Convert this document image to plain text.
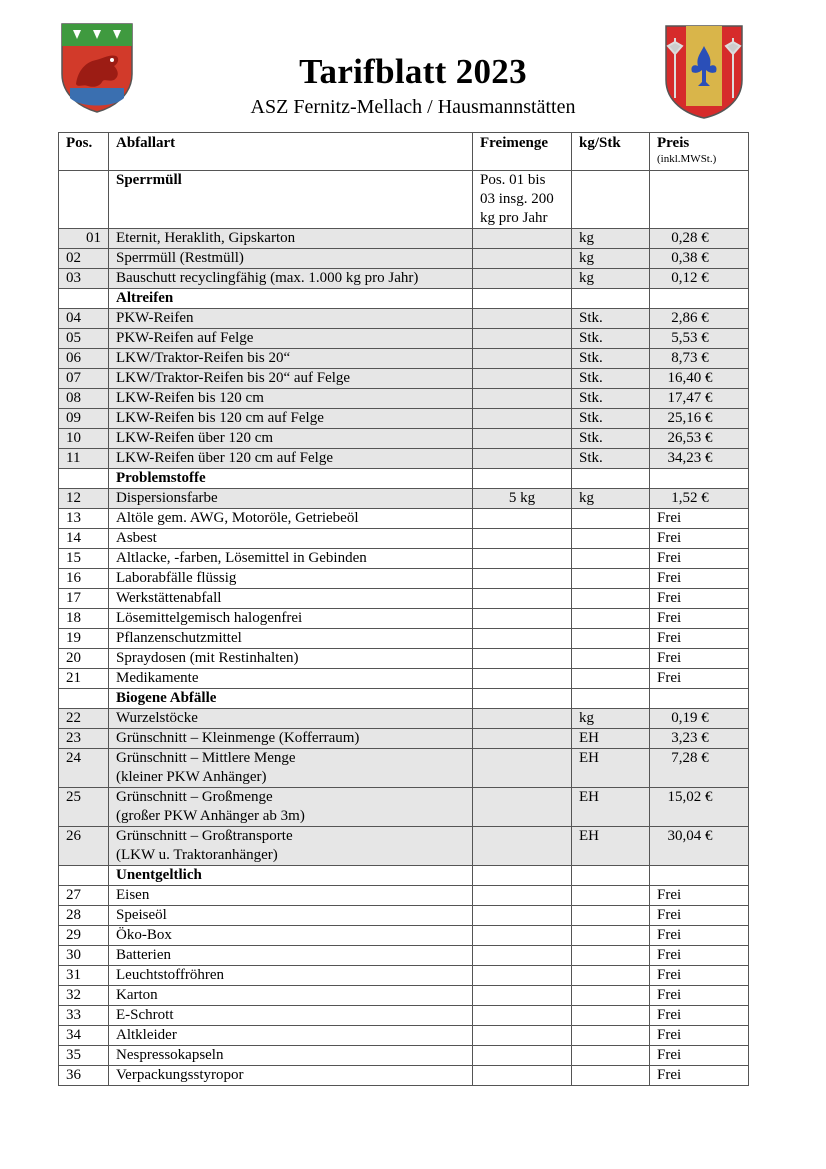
Tarifblatt 2023
ASZ Fernitz-Mellach / Hausmannstätten
Pos.	Abfallart	Freimenge	kg/Stk	Preis
(inkl.MWSt.)

	Sperrmüll	Pos. 01 bis
03 insg. 200
kg pro Jahr		

01	Eternit, Heraklith, Gipskarton		kg	0,28 €
02	Sperrmüll (Restmüll)		kg	0,38 €
03	Bauschutt recyclingfähig (max. 1.000 kg pro Jahr)		kg	0,12 €
	Altreifen			
04	PKW-Reifen		Stk.	2,86 €
05	PKW-Reifen auf Felge		Stk.	5,53 €
06	LKW/Traktor-Reifen bis 20“		Stk.	8,73 €
07	LKW/Traktor-Reifen bis 20“ auf Felge		Stk.	16,40 €
08	LKW-Reifen bis 120 cm		Stk.	17,47 €
09	LKW-Reifen bis 120 cm auf Felge		Stk.	25,16 €
10	LKW-Reifen über 120 cm		Stk.	26,53 €
11	LKW-Reifen über 120 cm auf Felge		Stk.	34,23 €
	Problemstoffe			
12	Dispersionsfarbe	5 kg	kg	1,52 €
13	Altöle gem. AWG, Motoröle, Getriebeöl			Frei
14	Asbest			Frei
15	Altlacke, -farben, Lösemittel in Gebinden			Frei
16	Laborabfälle flüssig			Frei
17	Werkstättenabfall			Frei
18	Lösemittelgemisch halogenfrei			Frei
19	Pflanzenschutzmittel			Frei
20	Spraydosen (mit Restinhalten)			Frei
21	Medikamente			Frei
	Biogene Abfälle			
22	Wurzelstöcke		kg	0,19 €
23	Grünschnitt – Kleinmenge (Kofferraum)		EH	3,23 €
24	Grünschnitt – Mittlere Menge
(kleiner PKW Anhänger)		EH	7,28 €
25	Grünschnitt – Großmenge
(großer PKW Anhänger ab 3m)		EH	15,02 €
26	Grünschnitt – Großtransporte
(LKW u. Traktoranhänger)		EH	30,04 €
	Unentgeltlich			
27	Eisen			Frei
28	Speiseöl			Frei
29	Öko-Box			Frei
30	Batterien			Frei
31	Leuchtstoffröhren			Frei
32	Karton			Frei
33	E-Schrott			Frei
34	Altkleider			Frei
35	Nespressokapseln			Frei
36	Verpackungsstyropor			Frei
